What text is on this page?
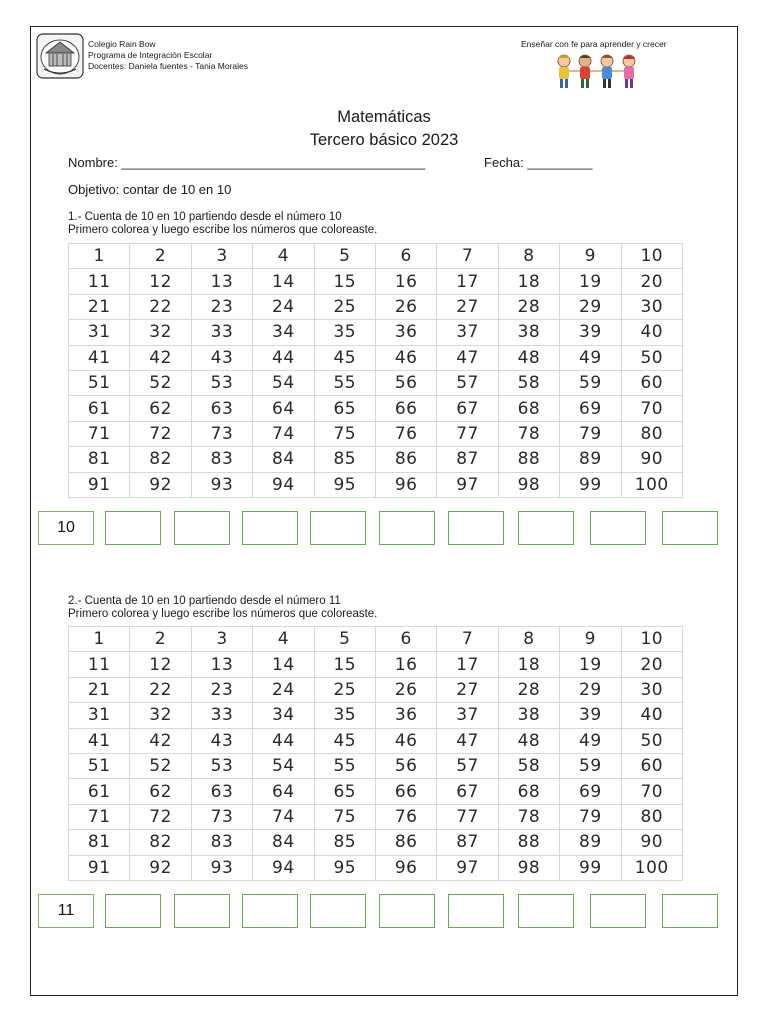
Colegio Rain Bow
Programa de Integración Escolar
Docentes: Daniela fuentes - Tania Morales
Enseñar con fe para aprender y crecer
Matemáticas
Tercero básico 2023
Nombre: __________________________________________	Fecha: _________
Objetivo: contar de 10 en 10
1.- Cuenta de 10 en 10 partiendo desde el número 10
Primero colorea y luego escribe los números que coloreaste.
1	2	3	4	5	6	7	8	9	10
11	12	13	14	15	16	17	18	19	20
21	22	23	24	25	26	27	28	29	30
31	32	33	34	35	36	37	38	39	40
41	42	43	44	45	46	47	48	49	50
51	52	53	54	55	56	57	58	59	60
61	62	63	64	65	66	67	68	69	70
71	72	73	74	75	76	77	78	79	80
81	82	83	84	85	86	87	88	89	90
91	92	93	94	95	96	97	98	99	100
10
2.- Cuenta de 10 en 10 partiendo desde el número 11
Primero colorea y luego escribe los números que coloreaste.
1	2	3	4	5	6	7	8	9	10
11	12	13	14	15	16	17	18	19	20
21	22	23	24	25	26	27	28	29	30
31	32	33	34	35	36	37	38	39	40
41	42	43	44	45	46	47	48	49	50
51	52	53	54	55	56	57	58	59	60
61	62	63	64	65	66	67	68	69	70
71	72	73	74	75	76	77	78	79	80
81	82	83	84	85	86	87	88	89	90
91	92	93	94	95	96	97	98	99	100
11
